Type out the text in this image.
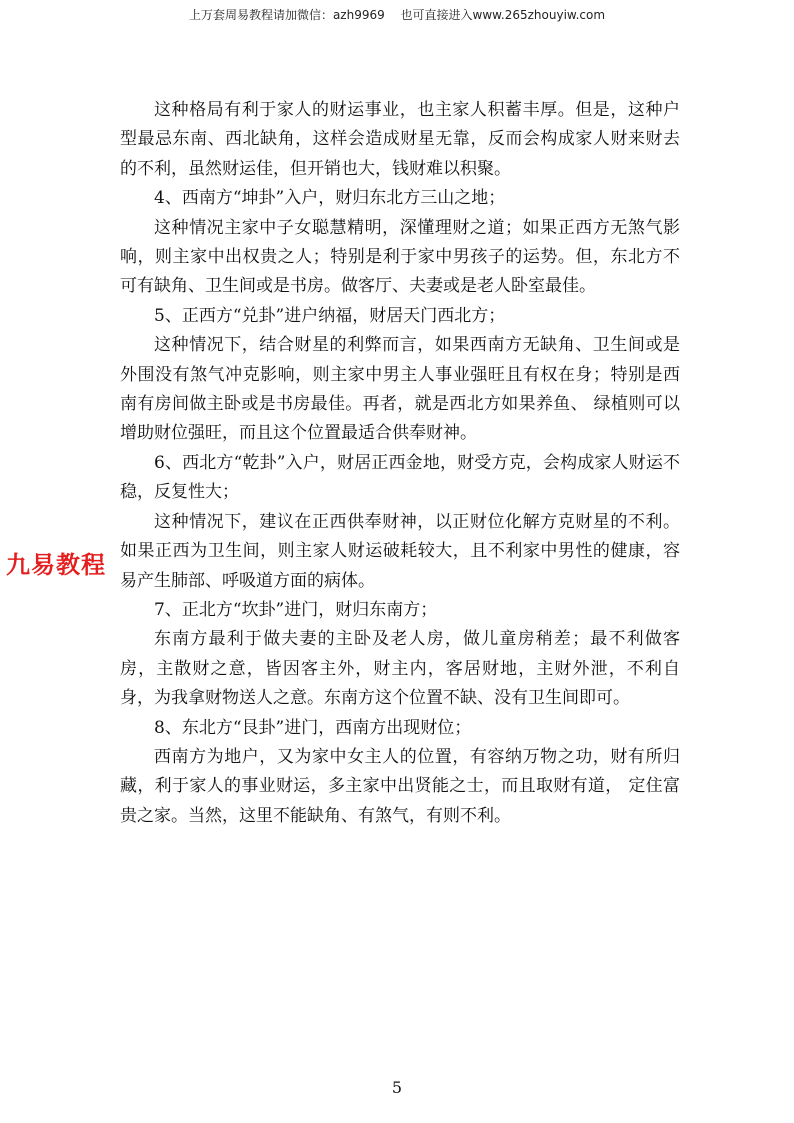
上万套周易教程请加微信：azh9969　 也可直接进入www.265zhouyiw.com
九易教程

这种格局有利于家人的财运事业，也主家人积蓄丰厚。但是，这种户型最忌东南、西北缺角，这样会造成财星无靠，反而会构成家人财来财去的不利，虽然财运佳，但开销也大，钱财难以积聚。

4、西南方“坤卦”入户，财归东北方三山之地；

这种情况主家中子女聪慧精明，深懂理财之道；如果正西方无煞气影响，则主家中出权贵之人；特别是利于家中男孩子的运势。但，东北方不可有缺角、卫生间或是书房。做客厅、夫妻或是老人卧室最佳。

5、正西方“兑卦”进户纳福，财居天门西北方；

这种情况下，结合财星的利弊而言，如果西南方无缺角、卫生间或是外围没有煞气冲克影响，则主家中男主人事业强旺且有权在身；特别是西南有房间做主卧或是书房最佳。再者，就是西北方如果养鱼、 绿植则可以增助财位强旺，而且这个位置最适合供奉财神。

6、西北方“乾卦”入户，财居正西金地，财受方克，会构成家人财运不稳，反复性大；

这种情况下，建议在正西供奉财神，以正财位化解方克财星的不利。如果正西为卫生间，则主家人财运破耗较大，且不利家中男性的健康，容易产生肺部、呼吸道方面的病体。

7、正北方“坎卦”进门，财归东南方；

东南方最利于做夫妻的主卧及老人房，做儿童房稍差；最不利做客房，主散财之意，皆因客主外，财主内，客居财地，主财外泄，不利自身，为我拿财物送人之意。东南方这个位置不缺、没有卫生间即可。

8、东北方“艮卦”进门，西南方出现财位；

西南方为地户，又为家中女主人的位置，有容纳万物之功，财有所归藏，利于家人的事业财运，多主家中出贤能之士，而且取财有道， 定住富贵之家。当然，这里不能缺角、有煞气，有则不利。

5
